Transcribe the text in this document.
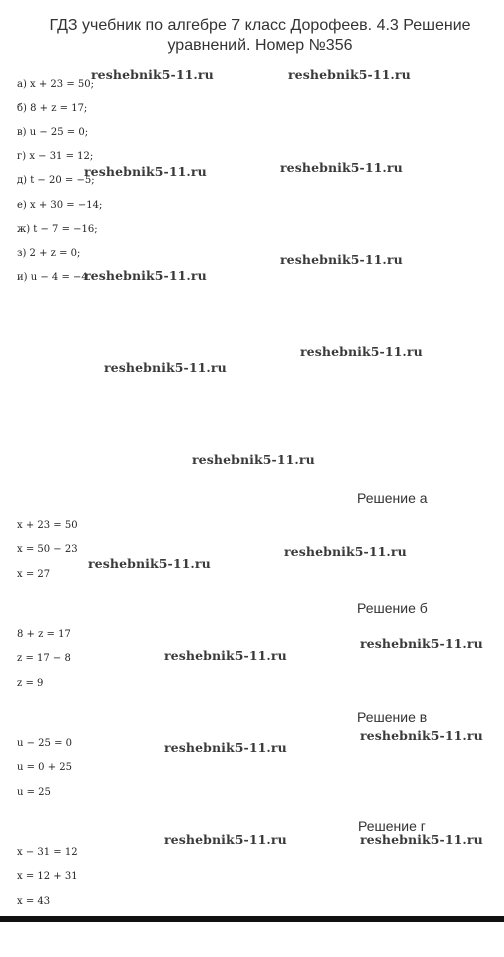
ГДЗ учебник по алгебре 7 класс Дорофеев. 4.3 Решение уравнений. Номер №356
а) x + 23 = 50;
б) 8 + z = 17;
в) u − 25 = 0;
г) x − 31 = 12;
д) t − 20 = −5;
е) x + 30 = −14;
ж) t − 7 = −16;
з) 2 + z = 0;
и) u − 4 = −4.
Решение а
x + 23 = 50
x = 50 − 23
x = 27
Решение б
8 + z = 17
z = 17 − 8
z = 9
Решение в
u − 25 = 0
u = 0 + 25
u = 25
Решение г
x − 31 = 12
x = 12 + 31
x = 43
reshebnik5-11.ru	reshebnik5-11.ru
reshebnik5-11.ru	reshebnik5-11.ru
reshebnik5-11.ru
reshebnik5-11.ru
reshebnik5-11.ru
reshebnik5-11.ru
reshebnik5-11.ru
reshebnik5-11.ru
reshebnik5-11.ru
reshebnik5-11.ru
reshebnik5-11.ru
reshebnik5-11.ru
reshebnik5-11.ru
reshebnik5-11.ru	reshebnik5-11.ru
